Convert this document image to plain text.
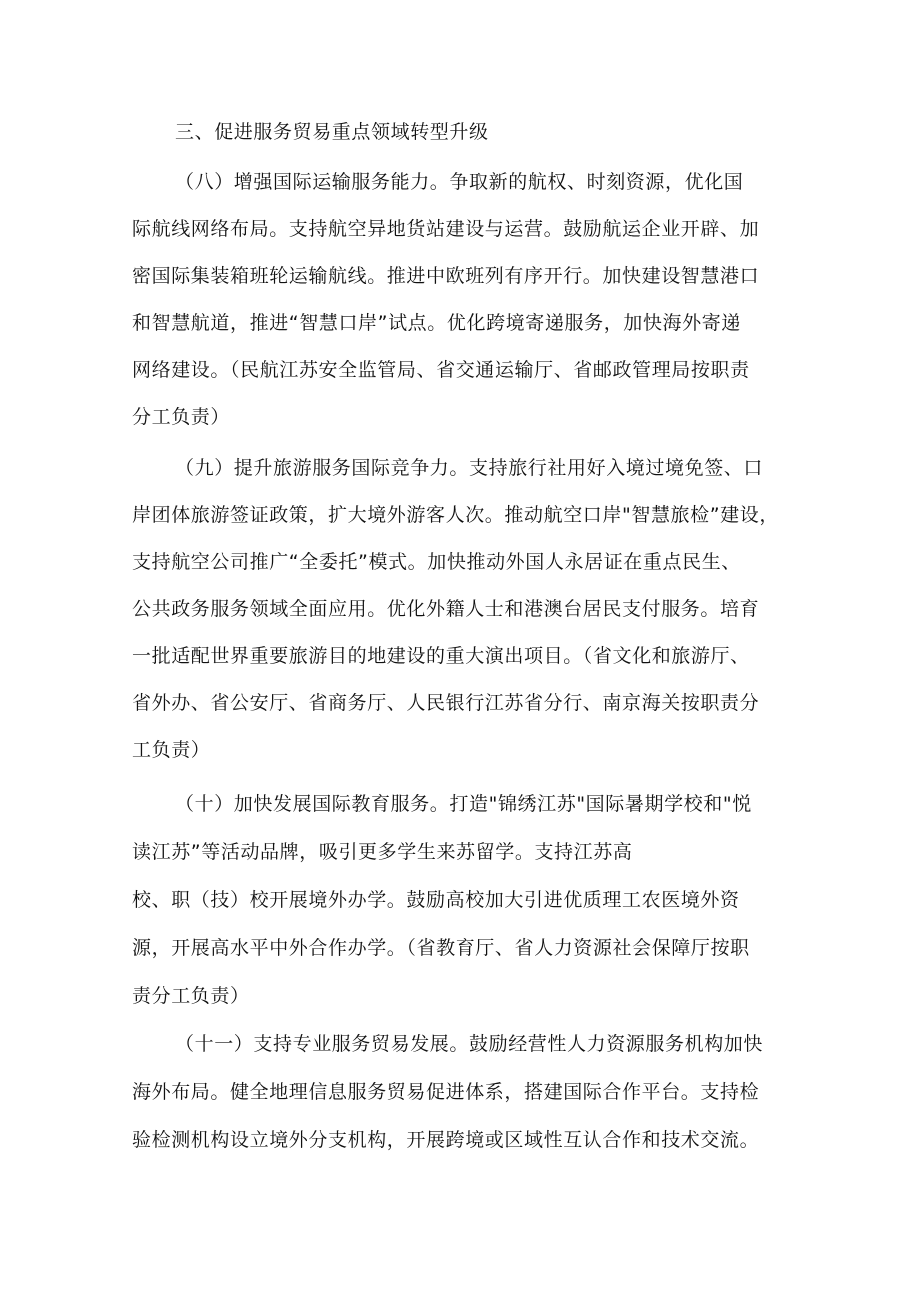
三、促进服务贸易重点领域转型升级
（八）增强国际运输服务能力。争取新的航权、时刻资源，优化国
际航线网络布局。支持航空异地货站建设与运营。鼓励航运企业开辟、加
密国际集装箱班轮运输航线。推进中欧班列有序开行。加快建设智慧港口
和智慧航道，推进“智慧口岸”试点。优化跨境寄递服务，加快海外寄递
网络建设。（民航江苏安全监管局、省交通运输厅、省邮政管理局按职责
分工负责）
（九）提升旅游服务国际竞争力。支持旅行社用好入境过境免签、口
岸团体旅游签证政策，扩大境外游客人次。推动航空口岸"智慧旅检”建设，
支持航空公司推广“全委托”模式。加快推动外国人永居证在重点民生、
公共政务服务领域全面应用。优化外籍人士和港澳台居民支付服务。培育
一批适配世界重要旅游目的地建设的重大演出项目。（省文化和旅游厅、
省外办、省公安厅、省商务厅、人民银行江苏省分行、南京海关按职责分
工负责）
（十）加快发展国际教育服务。打造"锦绣江苏"国际暑期学校和"悦
读江苏”等活动品牌，吸引更多学生来苏留学。支持江苏高
校、职（技）校开展境外办学。鼓励高校加大引进优质理工农医境外资
源，开展高水平中外合作办学。（省教育厅、省人力资源社会保障厅按职
责分工负责）
（十一）支持专业服务贸易发展。鼓励经营性人力资源服务机构加快
海外布局。健全地理信息服务贸易促进体系，搭建国际合作平台。支持检
验检测机构设立境外分支机构，开展跨境或区域性互认合作和技术交流。
